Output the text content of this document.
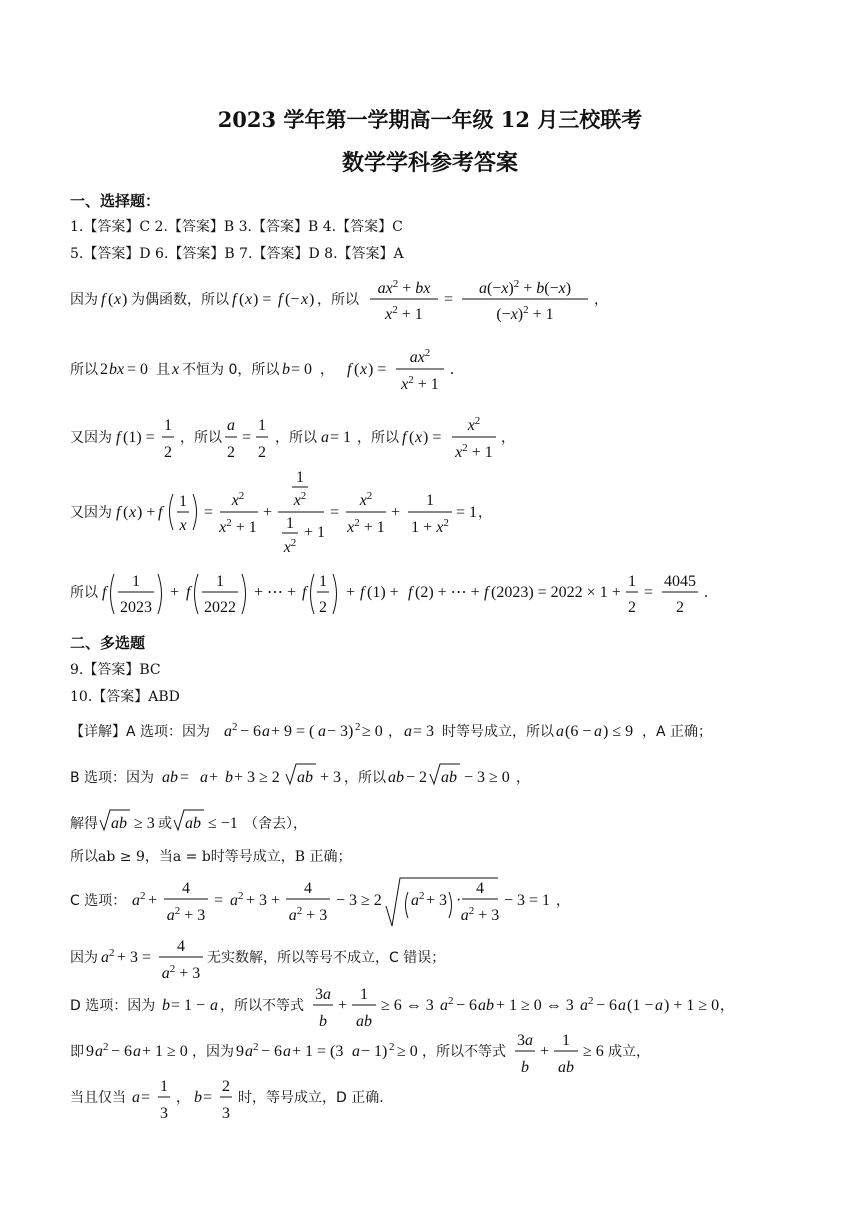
2023 学年第一学期高一年级 12 月三校联考
数学学科参考答案
一、选择题：
1.【答案】C 2.【答案】B 3.【答案】B 4.【答案】C
5.【答案】D 6.【答案】B 7.【答案】D 8.【答案】A
因为 f ( x ) 为偶函数，所以 f ( x ) = f (− x ) ，所以
$ax^2$ + bx
$x^2 + 1$
=
$a(-x)^2 + b(-x)$
$(-x)^2 + 1$
，
所以 2 bx = 0 且 x 不恒为 0，所以 b = 0 ， f ( x ) =
$ax^2$
$x^2 + 1$
.
又因为 f (1) =
1
2
，所以
a
2
=
1
2
，所以 a = 1 ，所以 f ( x ) =
$x^2$
$x^2 + 1$
，
又因为 f ( x ) + f
1
x
=
$x^2$
$x^2 + 1$
+
1
$x^2$
1
$x^2$
+ 1
=
$x^2$
$x^2 + 1$
+
1
$1 + x^2$
= 1 ，
所以 f
1
2023
+ f
1
2022
+ ⋯ + f
1
2
+ f (1) + f (2) + ⋯ + f (2023) = 2022 × 1 +
1
2
=
4045
2
.
二、多选题
9.【答案】BC
10.【答案】ABD
【详解】A 选项：因为 a 2 − 6 a + 9 = ( a − 3) 2 ≥ 0 ， a = 3 时等号成立，所以 a (6 − a ) ≤ 9 ，A 正确；
B 选项：因为 ab = a + b + 3 ≥ 2 ab + 3 ，所以 ab − 2 ab − 3 ≥ 0 ，
解得 ab ≥ 3 或 ab ≤ −1 （舍去），
所以ab ≥ 9，当a = b时等号成立，B 正确；
C 选项： a 2 +
4
$a^2 + 3$
= a 2 + 3 +
4
$a^2 + 3$
− 3 ≥ 2 a 2 + 3 ·
4
$a^2 + 3$
− 3 = 1 ，
因为 a 2 + 3 =
4
$a^2 + 3$
无实数解，所以等号不成立，C 错误；
D 选项：因为 b = 1 − a ，所以不等式
3a
b
+
1
ab
≥ 6 ⇔ 3 a 2 − 6 ab + 1 ≥ 0 ⇔ 3 a 2 − 6 a (1 − a ) + 1 ≥ 0 ，
即 9 a 2 − 6 a + 1 ≥ 0 ，因为 9 a 2 − 6 a + 1 = (3 a − 1) 2 ≥ 0 ，所以不等式
3a
b
+
1
ab
≥ 6 成立，
当且仅当 a =
1
3
， b =
2
3
时，等号成立，D 正确.
